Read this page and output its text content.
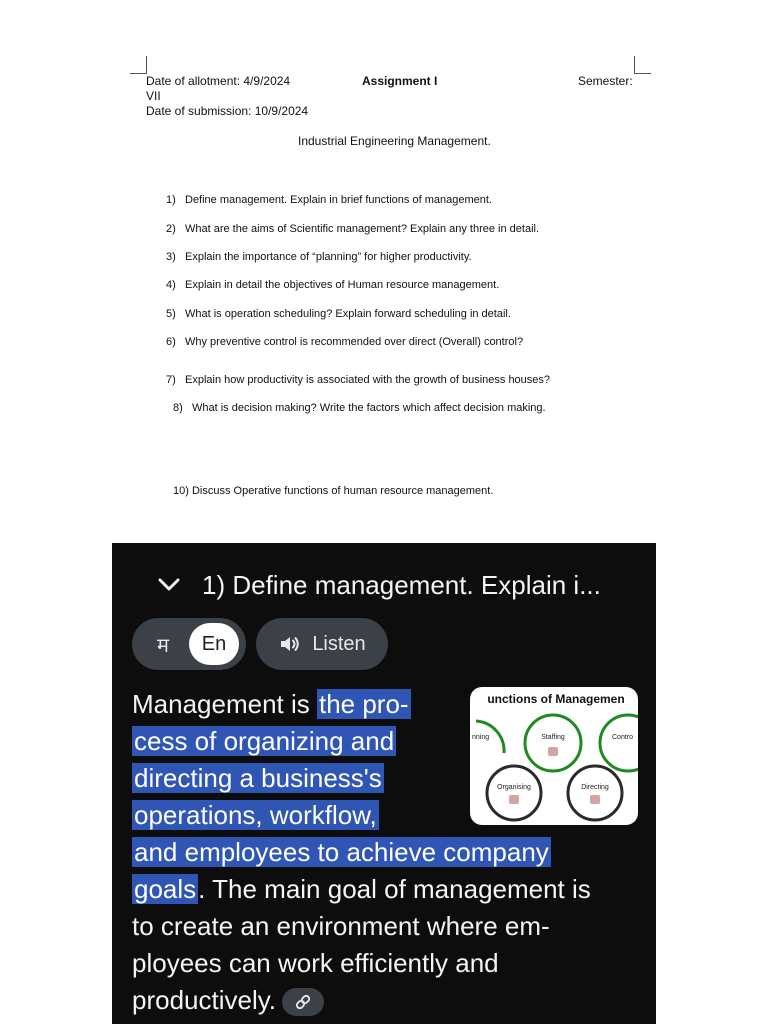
Date of allotment: 4/9/2024	Assignment I	Semester:
VII
Date of submission: 10/9/2024
Industrial Engineering Management.
1) Define management. Explain in brief functions of management.
2) What are the aims of Scientific management? Explain any three in detail.
3) Explain the importance of “planning” for higher productivity.
4) Explain in detail the objectives of Human resource management.
5) What is operation scheduling? Explain forward scheduling in detail.
6) Why preventive control is recommended over direct (Overall) control?
7) Explain how productivity is associated with the growth of business houses?
8) What is decision making? Write the factors which affect decision making.
10) Discuss Operative functions of human resource management.
1) Define management. Explain i...
म	En	Listen
Management is the pro-
cess of organizing and
directing a business's
operations, workflow,
and employees to achieve company
goals. The main goal of management is
to create an environment where em-
ployees can work efficiently and
productively.
unctions of Managemen
nning	Staffing	Contro
Organising	Directing
